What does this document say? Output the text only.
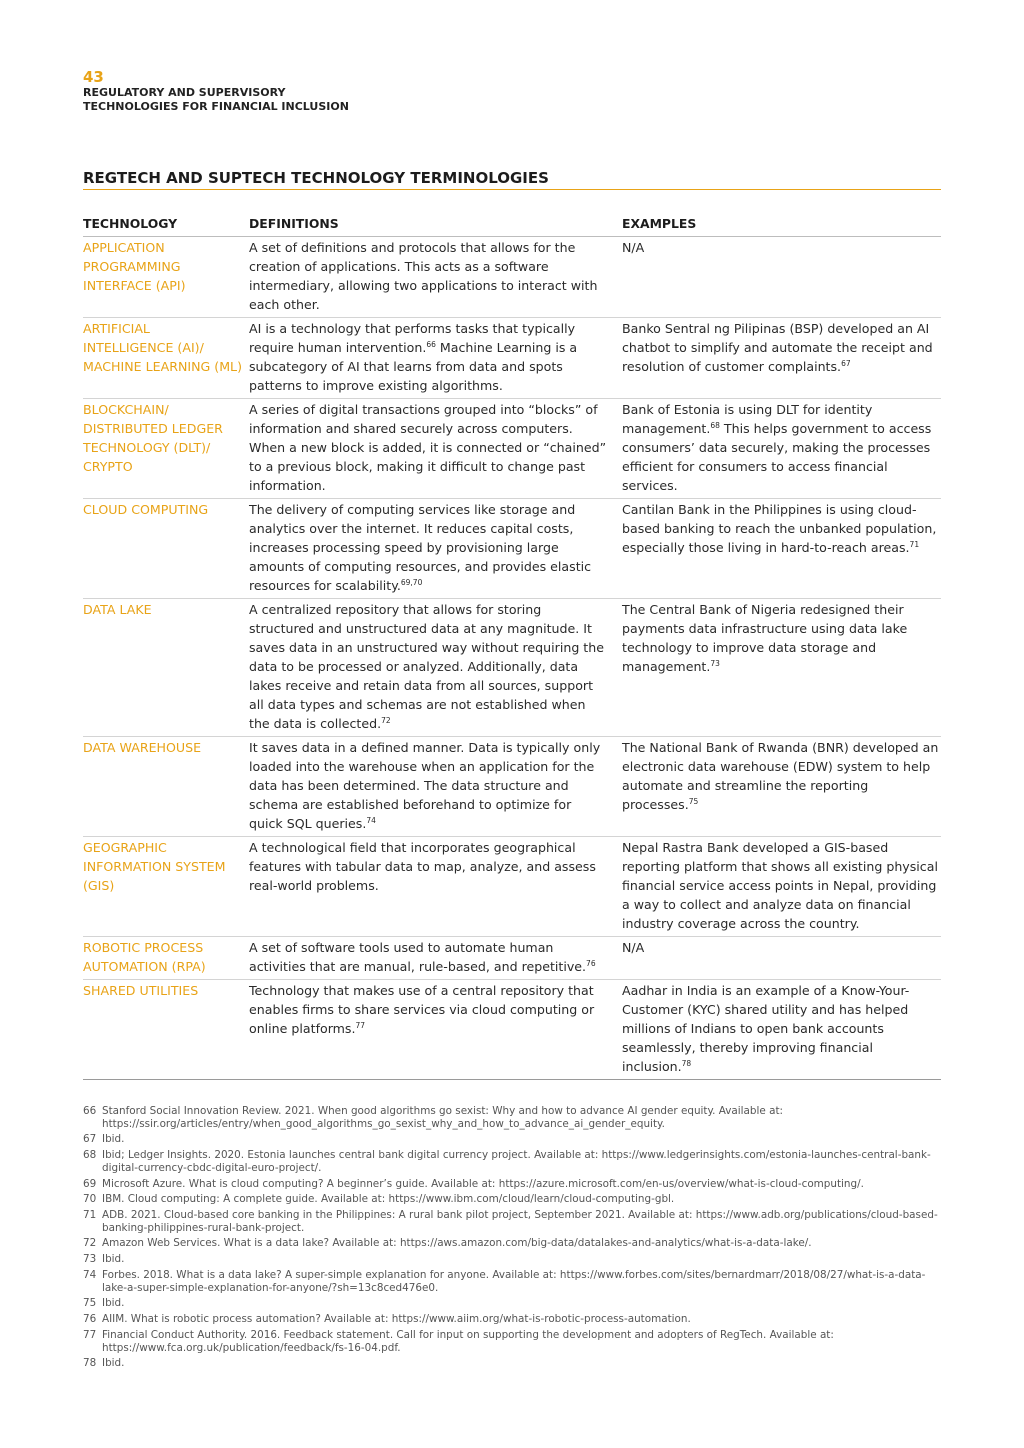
43
REGULATORY AND SUPERVISORY
TECHNOLOGIES FOR FINANCIAL INCLUSION
REGTECH AND SUPTECH TECHNOLOGY TERMINOLOGIES
TECHNOLOGY	DEFINITIONS	EXAMPLES
APPLICATION PROGRAMMING INTERFACE (API)	A set of definitions and protocols that allows for the creation of applications. This acts as a software intermediary, allowing two applications to interact with each other.	N/A
ARTIFICIAL INTELLIGENCE (AI)/ MACHINE LEARNING (ML)	AI is a technology that performs tasks that typically require human intervention.$^{66}$ Machine Learning is a subcategory of AI that learns from data and spots patterns to improve existing algorithms.	Banko Sentral ng Pilipinas (BSP) developed an AI chatbot to simplify and automate the receipt and resolution of customer complaints.$^{67}$
BLOCKCHAIN/ DISTRIBUTED LEDGER TECHNOLOGY (DLT)/ CRYPTO	A series of digital transactions grouped into “blocks” of information and shared securely across computers. When a new block is added, it is connected or “chained” to a previous block, making it difficult to change past information.	Bank of Estonia is using DLT for identity management.$^{68}$ This helps government to access consumers’ data securely, making the processes efficient for consumers to access financial services.
CLOUD COMPUTING	The delivery of computing services like storage and analytics over the internet. It reduces capital costs, increases processing speed by provisioning large amounts of computing resources, and provides elastic resources for scalability.$^{69,70}$	Cantilan Bank in the Philippines is using cloud-based banking to reach the unbanked population, especially those living in hard-to-reach areas.$^{71}$
DATA LAKE	A centralized repository that allows for storing structured and unstructured data at any magnitude. It saves data in an unstructured way without requiring the data to be processed or analyzed. Additionally, data lakes receive and retain data from all sources, support all data types and schemas are not established when the data is collected.$^{72}$	The Central Bank of Nigeria redesigned their payments data infrastructure using data lake technology to improve data storage and management.$^{73}$
DATA WAREHOUSE	It saves data in a defined manner. Data is typically only loaded into the warehouse when an application for the data has been determined. The data structure and schema are established beforehand to optimize for quick SQL queries.$^{74}$	The National Bank of Rwanda (BNR) developed an electronic data warehouse (EDW) system to help automate and streamline the reporting processes.$^{75}$
GEOGRAPHIC INFORMATION SYSTEM (GIS)	A technological field that incorporates geographical features with tabular data to map, analyze, and assess real-world problems.	Nepal Rastra Bank developed a GIS-based reporting platform that shows all existing physical financial service access points in Nepal, providing a way to collect and analyze data on financial industry coverage across the country.
ROBOTIC PROCESS AUTOMATION (RPA)	A set of software tools used to automate human activities that are manual, rule-based, and repetitive.$^{76}$	N/A
SHARED UTILITIES	Technology that makes use of a central repository that enables firms to share services via cloud computing or online platforms.$^{77}$	Aadhar in India is an example of a Know-Your-Customer (KYC) shared utility and has helped millions of Indians to open bank accounts seamlessly, thereby improving financial inclusion.$^{78}$
66 Stanford Social Innovation Review. 2021. When good algorithms go sexist: Why and how to advance AI gender equity. Available at: https://ssir.org/articles/entry/when_good_algorithms_go_sexist_why_and_how_to_advance_ai_gender_equity.
67 Ibid.
68 Ibid; Ledger Insights. 2020. Estonia launches central bank digital currency project. Available at: https://www.ledgerinsights.com/estonia-launches-central-bank-digital-currency-cbdc-digital-euro-project/.
69 Microsoft Azure. What is cloud computing? A beginner’s guide. Available at: https://azure.microsoft.com/en-us/overview/what-is-cloud-computing/.
70 IBM. Cloud computing: A complete guide. Available at: https://www.ibm.com/cloud/learn/cloud-computing-gbl.
71 ADB. 2021. Cloud-based core banking in the Philippines: A rural bank pilot project, September 2021. Available at: https://www.adb.org/publications/cloud-based-banking-philippines-rural-bank-project.
72 Amazon Web Services. What is a data lake? Available at: https://aws.amazon.com/big-data/datalakes-and-analytics/what-is-a-data-lake/.
73 Ibid.
74 Forbes. 2018. What is a data lake? A super-simple explanation for anyone. Available at: https://www.forbes.com/sites/bernardmarr/2018/08/27/what-is-a-data-lake-a-super-simple-explanation-for-anyone/?sh=13c8ced476e0.
75 Ibid.
76 AIIM. What is robotic process automation? Available at: https://www.aiim.org/what-is-robotic-process-automation.
77 Financial Conduct Authority. 2016. Feedback statement. Call for input on supporting the development and adopters of RegTech. Available at: https://www.fca.org.uk/publication/feedback/fs-16-04.pdf.
78 Ibid.
